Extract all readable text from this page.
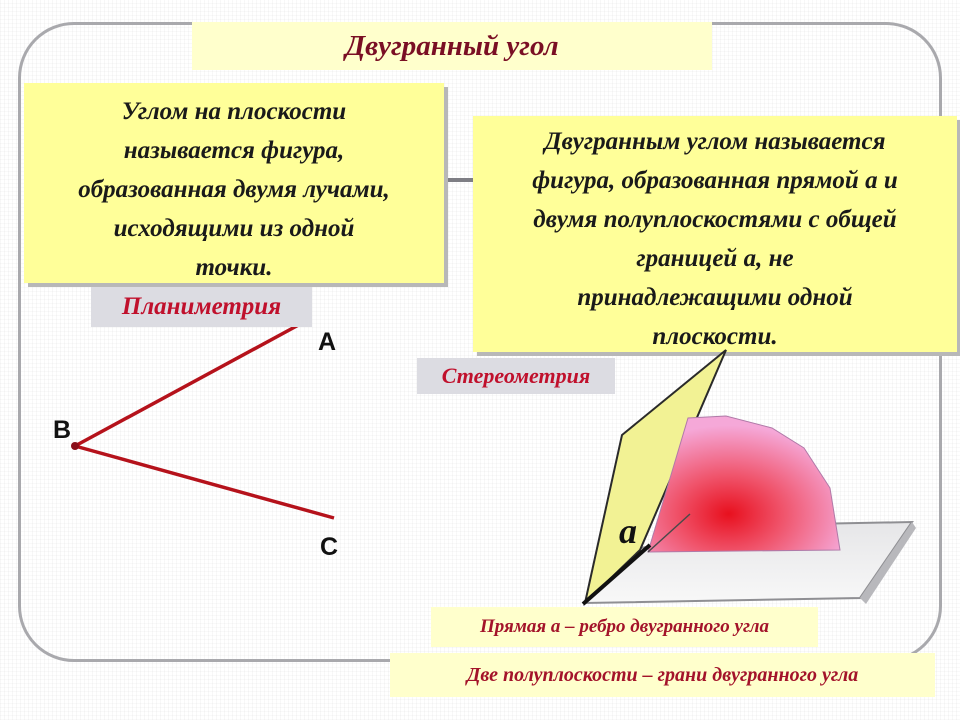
Двугранный угол
Углом на плоскости
называется фигура,
образованная двумя лучами,
исходящими из одной
точки.
Двугранным углом называется
фигура, образованная прямой а и
двумя полуплоскостями с общей
границей а, не
принадлежащими одной
плоскости.
Планиметрия
Стереометрия
A
B
C	a
Прямая а – ребро двугранного угла
Две полуплоскости – грани двугранного угла
